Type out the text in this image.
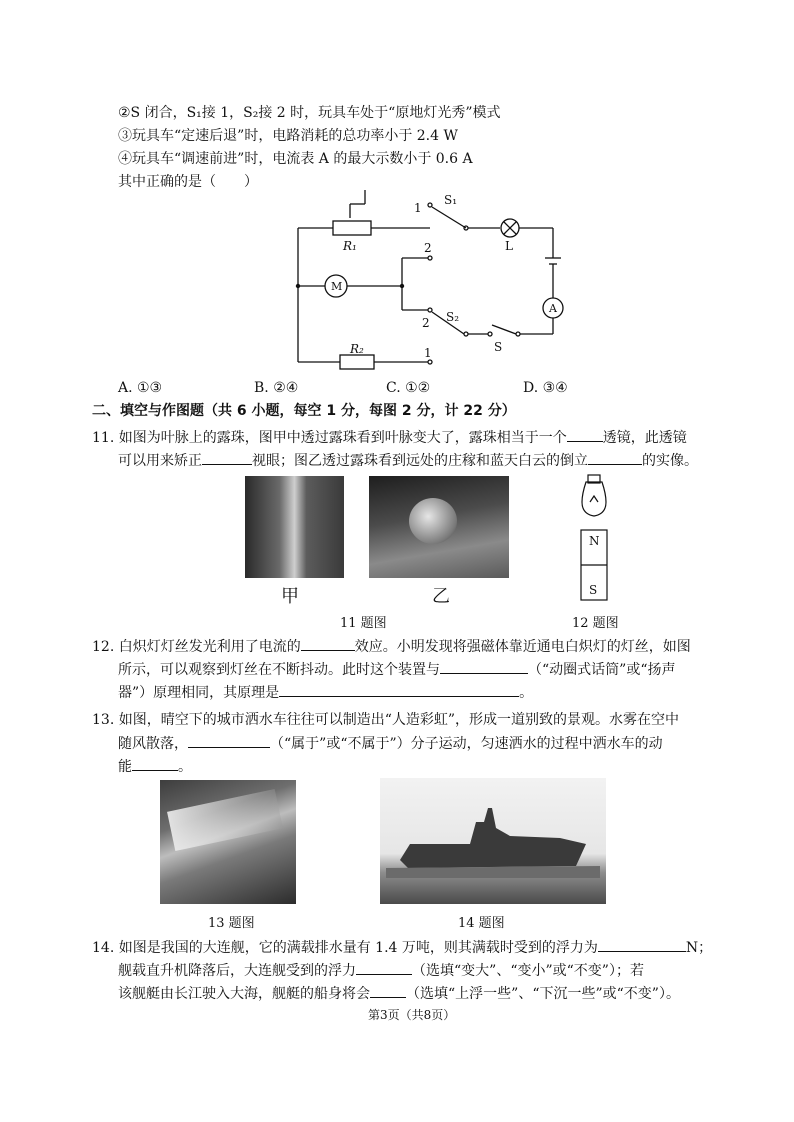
②S 闭合，S₁接 1，S₂接 2 时，玩具车处于“原地灯光秀”模式
③玩具车“定速后退”时，电路消耗的总功率小于 2.4 W
④玩具车“调速前进”时，电流表 A 的最大示数小于 0.6 A
其中正确的是（　　）
S₁
1
L
R₁	2
M
A
2 S₂
S
R₂	1
A. ①③	B. ②④	C. ①②	D. ③④
二、填空与作图题（共 6 小题，每空 1 分，每图 2 分，计 22 分）
11. 如图为叶脉上的露珠，图甲中透过露珠看到叶脉变大了，露珠相当于一个	透镜，此透镜
可以用来矫正	视眼；图乙透过露珠看到远处的庄稼和蓝天白云的倒立	的实像。
甲	乙
11 题图
N
S
12 题图
12. 白炽灯灯丝发光利用了电流的	效应。小明发现将强磁体靠近通电白炽灯的灯丝，如图
所示，可以观察到灯丝在不断抖动。此时这个装置与	（“动圈式话筒”或“扬声
器”）原理相同，其原理是	。
13. 如图，晴空下的城市洒水车往往可以制造出“人造彩虹”，形成一道别致的景观。水雾在空中
随风散落，	（“属于”或“不属于”）分子运动，匀速洒水的过程中洒水车的动
能	。
13 题图	14 题图
14. 如图是我国的大连舰，它的满载排水量有 1.4 万吨，则其满载时受到的浮力为	N；
舰载直升机降落后，大连舰受到的浮力	（选填“变大”、“变小”或“不变”）；若
该舰艇由长江驶入大海，舰艇的船身将会	（选填“上浮一些”、“下沉一些”或“不变”）。
第3页（共8页）
